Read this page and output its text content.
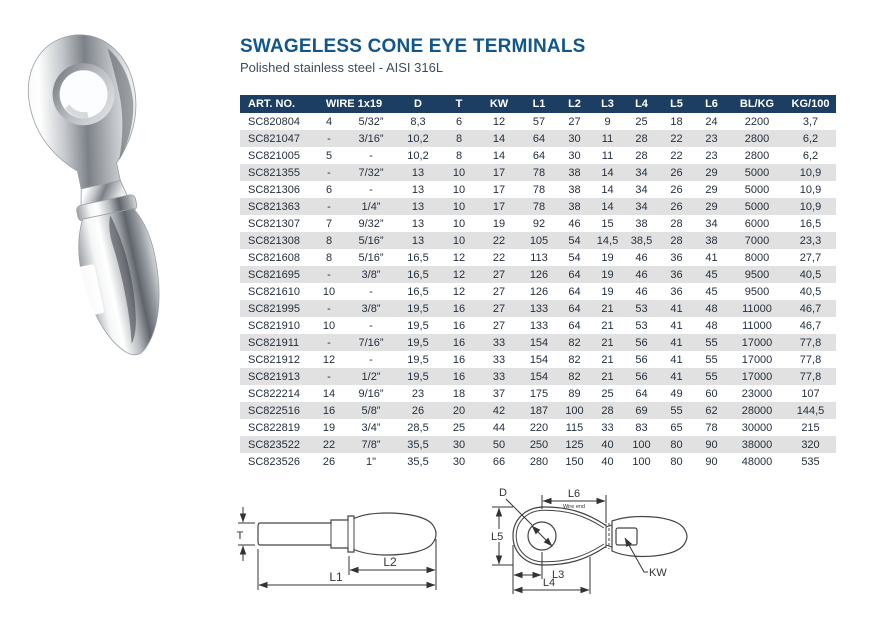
SWAGELESS CONE EYE TERMINALS
Polished stainless steel - AISI 316L
ART. NO.	WIRE 1x19		D	T	KW	L1	L2	L3	L4	L5	L6	BL/KG	KG/100
SC820804	4	5/32”	8,3	6	12	57	27	9	25	18	24	2200	3,7
SC821047	-	3/16”	10,2	8	14	64	30	11	28	22	23	2800	6,2
SC821005	5	-	10,2	8	14	64	30	11	28	22	23	2800	6,2
SC821355	-	7/32”	13	10	17	78	38	14	34	26	29	5000	10,9
SC821306	6	-	13	10	17	78	38	14	34	26	29	5000	10,9
SC821363	-	1/4”	13	10	17	78	38	14	34	26	29	5000	10,9
SC821307	7	9/32”	13	10	19	92	46	15	38	28	34	6000	16,5
SC821308	8	5/16”	13	10	22	105	54	14,5	38,5	28	38	7000	23,3
SC821608	8	5/16”	16,5	12	22	113	54	19	46	36	41	8000	27,7
SC821695	-	3/8”	16,5	12	27	126	64	19	46	36	45	9500	40,5
SC821610	10	-	16,5	12	27	126	64	19	46	36	45	9500	40,5
SC821995	-	3/8”	19,5	16	27	133	64	21	53	41	48	11000	46,7
SC821910	10	-	19,5	16	27	133	64	21	53	41	48	11000	46,7
SC821911	-	7/16”	19,5	16	33	154	82	21	56	41	55	17000	77,8
SC821912	12	-	19,5	16	33	154	82	21	56	41	55	17000	77,8
SC821913	-	1/2”	19,5	16	33	154	82	21	56	41	55	17000	77,8
SC822214	14	9/16”	23	18	37	175	89	25	64	49	60	23000	107
SC822516	16	5/8”	26	20	42	187	100	28	69	55	62	28000	144,5
SC822819	19	3/4”	28,5	25	44	220	115	33	83	65	78	30000	215
SC823522	22	7/8”	35,5	30	50	250	125	40	100	80	90	38000	320
SC823526	26	1"	35,5	30	66	280	150	40	100	80	90	48000	535
T
L2
L1
D
L5
L6
Wire end
L3
L4
KW
